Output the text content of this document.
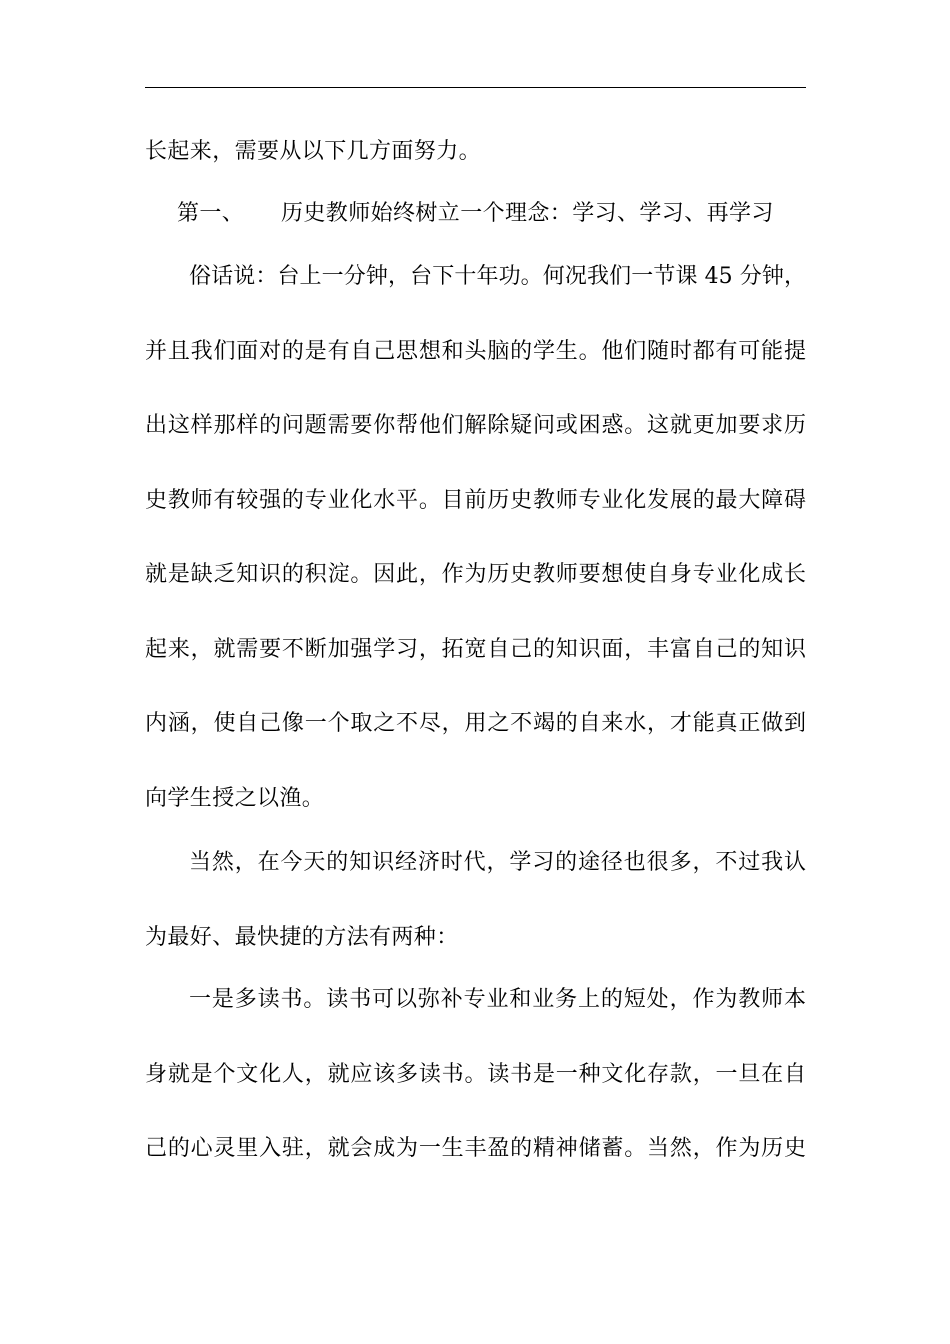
长起来，需要从以下几方面努力。
第一、 历史教师始终树立一个理念：学习、学习、再学习
俗话说：台上一分钟，台下十年功。何况我们一节课 45 分钟，
并且我们面对的是有自己思想和头脑的学生。他们随时都有可能提
出这样那样的问题需要你帮他们解除疑问或困惑。这就更加要求历
史教师有较强的专业化水平。目前历史教师专业化发展的最大障碍
就是缺乏知识的积淀。因此，作为历史教师要想使自身专业化成长
起来，就需要不断加强学习，拓宽自己的知识面，丰富自己的知识
内涵，使自己像一个取之不尽，用之不竭的自来水，才能真正做到
向学生授之以渔。
当然，在今天的知识经济时代，学习的途径也很多，不过我认
为最好、最快捷的方法有两种：
一是多读书。读书可以弥补专业和业务上的短处，作为教师本
身就是个文化人，就应该多读书。读书是一种文化存款，一旦在自
己的心灵里入驻，就会成为一生丰盈的精神储蓄。当然，作为历史
